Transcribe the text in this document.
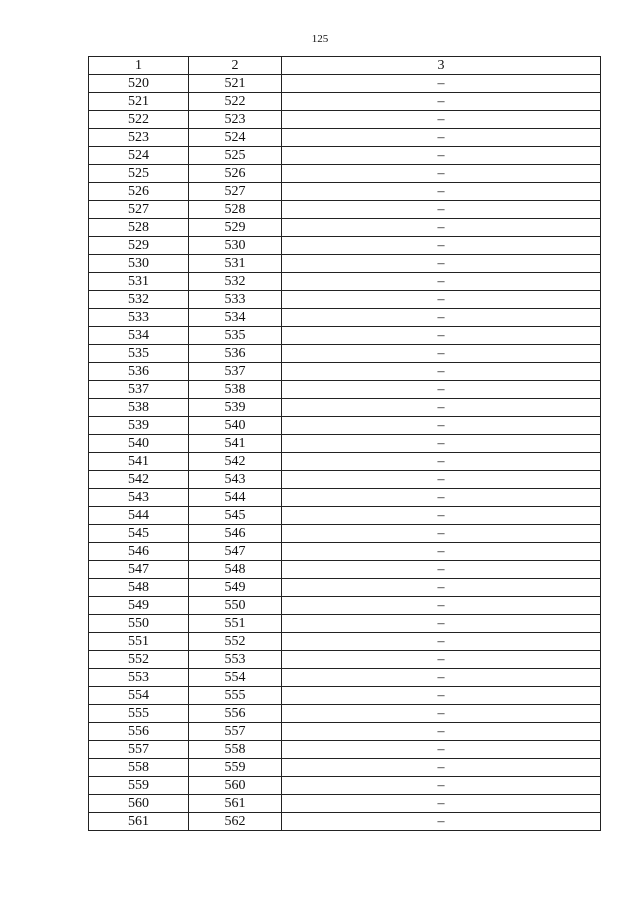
125
1	2	3
520	521	–
521	522	–
522	523	–
523	524	–
524	525	–
525	526	–
526	527	–
527	528	–
528	529	–
529	530	–
530	531	–
531	532	–
532	533	–
533	534	–
534	535	–
535	536	–
536	537	–
537	538	–
538	539	–
539	540	–
540	541	–
541	542	–
542	543	–
543	544	–
544	545	–
545	546	–
546	547	–
547	548	–
548	549	–
549	550	–
550	551	–
551	552	–
552	553	–
553	554	–
554	555	–
555	556	–
556	557	–
557	558	–
558	559	–
559	560	–
560	561	–
561	562	–
